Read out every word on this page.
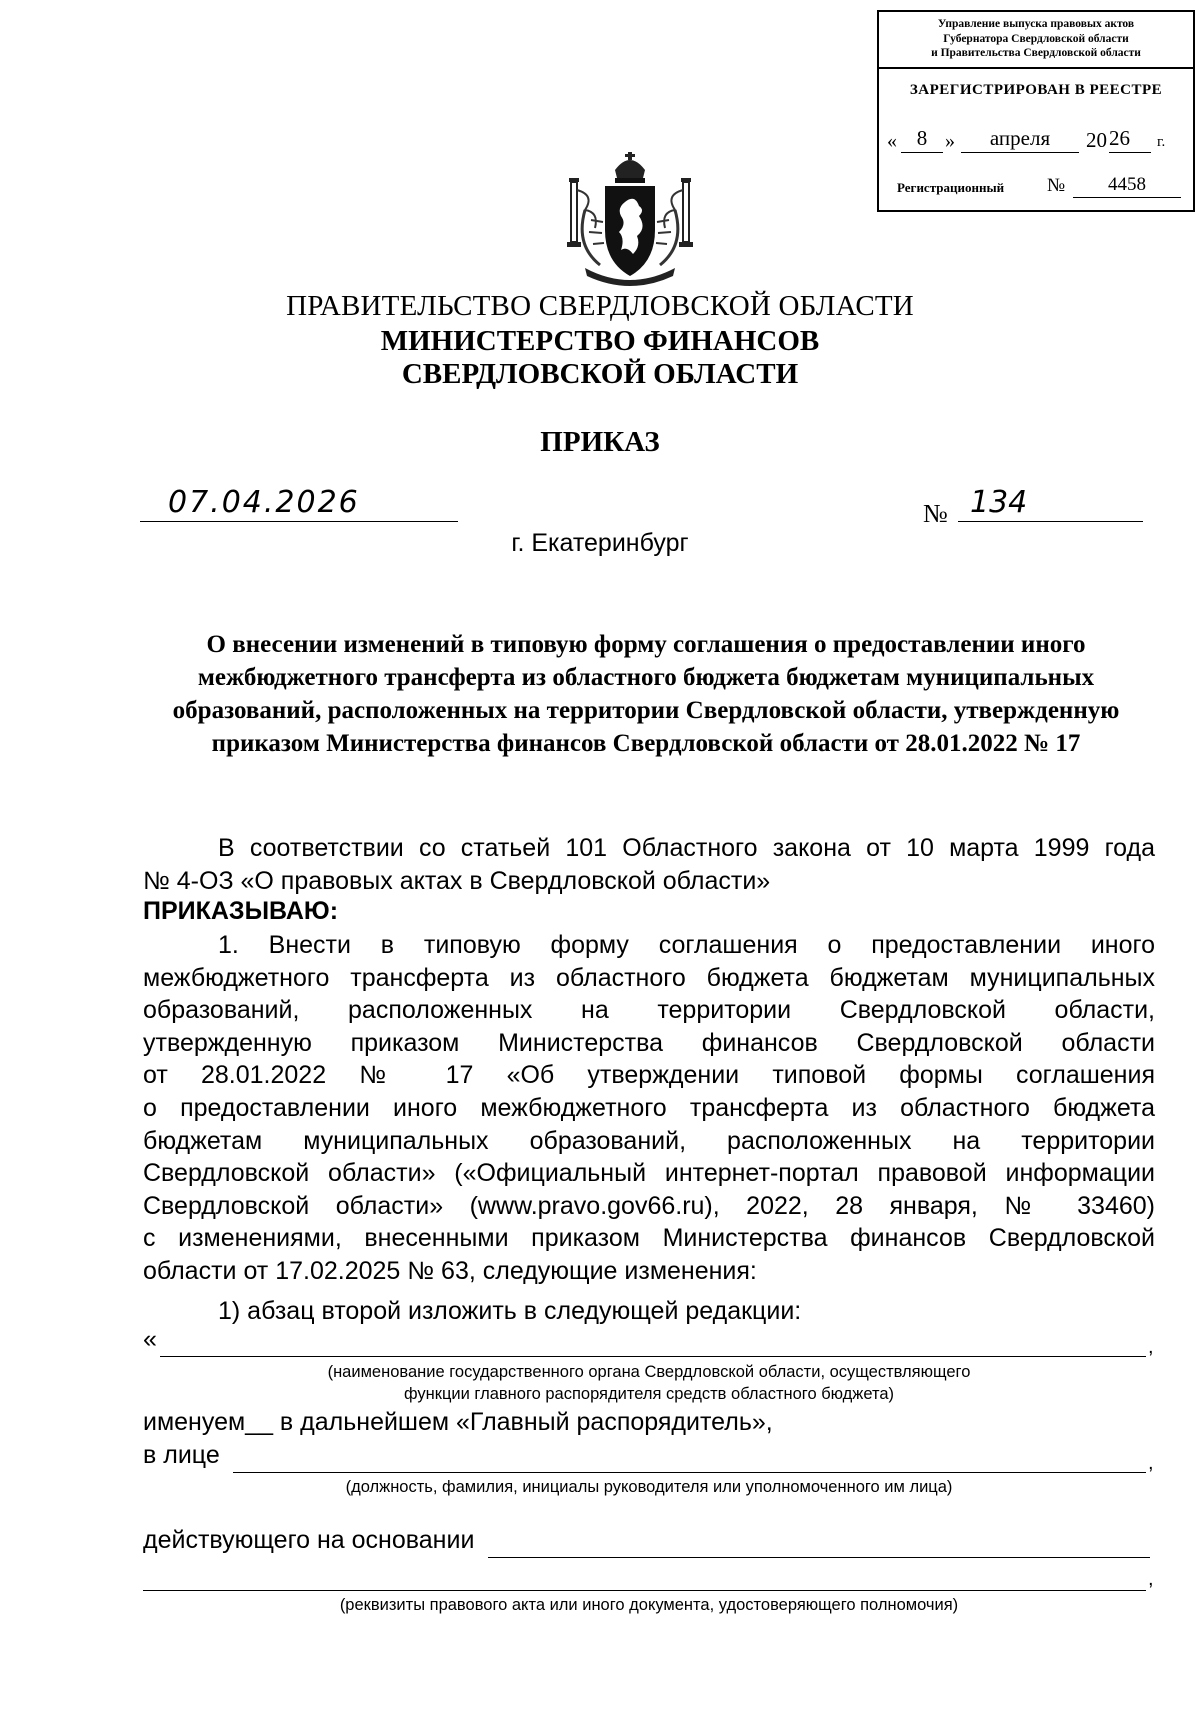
Управление выпуска правовых актов
Губернатора Свердловской области
и Правительства Свердловской области
ЗАРЕГИСТРИРОВАН В РЕЕСТРЕ
« 8 »	апреля	20 26	г.
Регистрационный №	4458
ПРАВИТЕЛЬСТВО СВЕРДЛОВСКОЙ ОБЛАСТИ
МИНИСТЕРСТВО ФИНАНСОВ
СВЕРДЛОВСКОЙ ОБЛАСТИ
ПРИКАЗ
07.04.2026	№ 134
г. Екатеринбург
О внесении изменений в типовую форму соглашения о предоставлении иного
межбюджетного трансферта из областного бюджета бюджетам муниципальных
образований, расположенных на территории Свердловской области, утвержденную
приказом Министерства финансов Свердловской области от 28.01.2022 № 17
В соответствии со статьей 101 Областного закона от 10 марта 1999 года
№ 4-ОЗ «О правовых актах в Свердловской области»
ПРИКАЗЫВАЮ:
1. Внести в типовую форму соглашения о предоставлении иного
межбюджетного трансферта из областного бюджета бюджетам муниципальных
образований, расположенных на территории Свердловской области,
утвержденную приказом Министерства финансов Свердловской области
от 28.01.2022 № 17 «Об утверждении типовой формы соглашения
о предоставлении иного межбюджетного трансферта из областного бюджета
бюджетам муниципальных образований, расположенных на территории
Свердловской области» («Официальный интернет-портал правовой информации
Свердловской области» (www.pravo.gov66.ru), 2022, 28 января, № 33460)
с изменениями, внесенными приказом Министерства финансов Свердловской
области от 17.02.2025 № 63, следующие изменения:
1) абзац второй изложить в следующей редакции:
«	,
(наименование государственного органа Свердловской области, осуществляющего
функции главного распорядителя средств областного бюджета)
именуем__ в дальнейшем «Главный распорядитель»,
в лице	,
(должность, фамилия, инициалы руководителя или уполномоченного им лица)
действующего на основании
,
(реквизиты правового акта или иного документа, удостоверяющего полномочия)
